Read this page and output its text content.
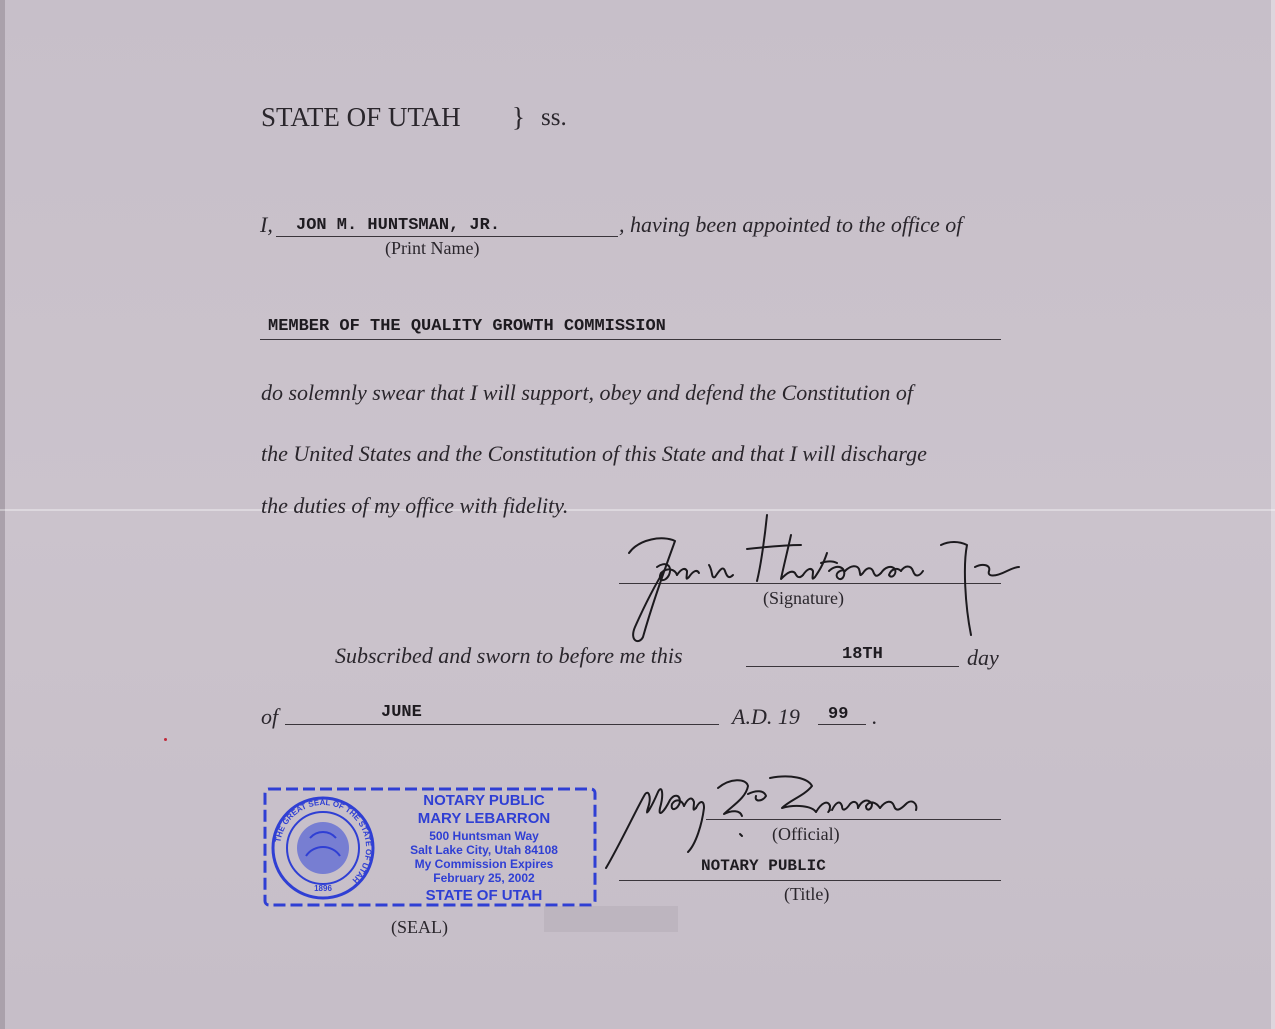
STATE OF UTAH } ss.
I, JON M. HUNTSMAN, JR.	, having been appointed to the office of
(Print Name)
MEMBER OF THE QUALITY GROWTH COMMISSION
do solemnly swear that I will support, obey and defend the Constitution of
the United States and the Constitution of this State and that I will discharge
the duties of my office with fidelity.
(Signature)
Subscribed and sworn to before me this	18TH	day
of	JUNE	A.D. 19 99 .
THE GREAT SEAL OF THE STATE OF UTAH
1896
NOTARY PUBLIC
MARY LEBARRON
500 Huntsman Way
Salt Lake City, Utah 84108
My Commission Expires
February 25, 2002
STATE OF UTAH
(SEAL)
(Official)
NOTARY PUBLIC
(Title)
